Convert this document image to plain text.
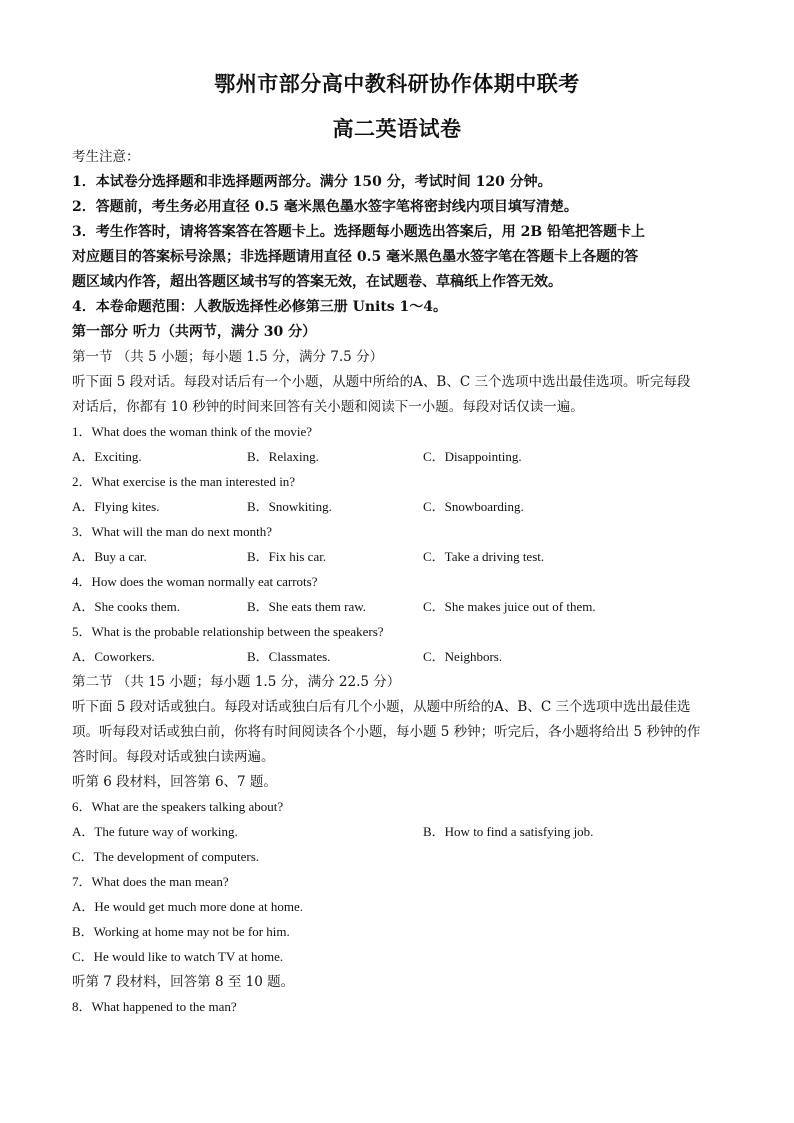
鄂州市部分高中教科研协作体期中联考
高二英语试卷
考生注意：
1．本试卷分选择题和非选择题两部分。满分 150 分，考试时间 120 分钟。
2．答题前，考生务必用直径 0.5 毫米黑色墨水签字笔将密封线内项目填写清楚。
3．考生作答时，请将答案答在答题卡上。选择题每小题选出答案后，用 2B 铅笔把答题卡上
对应题目的答案标号涂黑；非选择题请用直径 0.5 毫米黑色墨水签字笔在答题卡上各题的答
题区域内作答，超出答题区域书写的答案无效，在试题卷、草稿纸上作答无效。
4．本卷命题范围：人教版选择性必修第三册 Units 1～4。
第一部分 听力（共两节，满分 30 分）
第一节 （共 5 小题；每小题 1.5 分，满分 7.5 分）
听下面 5 段对话。每段对话后有一个小题，从题中所给的A、B、C 三个选项中选出最佳选项。听完每段
对话后，你都有 10 秒钟的时间来回答有关小题和阅读下一小题。每段对话仅读一遍。
1．What does the woman think of the movie?
A．Exciting.	B．Relaxing.	C．Disappointing.
2．What exercise is the man interested in?
A．Flying kites.	B．Snowkiting.	C．Snowboarding.
3．What will the man do next month?
A．Buy a car.	B．Fix his car.	C．Take a driving test.
4．How does the woman normally eat carrots?
A．She cooks them.	B．She eats them raw.	C．She makes juice out of them.
5．What is the probable relationship between the speakers?
A．Coworkers.	B．Classmates.	C．Neighbors.
第二节 （共 15 小题；每小题 1.5 分，满分 22.5 分）
听下面 5 段对话或独白。每段对话或独白后有几个小题，从题中所给的A、B、C 三个选项中选出最佳选
项。听每段对话或独白前，你将有时间阅读各个小题，每小题 5 秒钟；听完后，各小题将给出 5 秒钟的作
答时间。每段对话或独白读两遍。
听第 6 段材料，回答第 6、7 题。
6．What are the speakers talking about?
A．The future way of working.	B．How to find a satisfying job.
C．The development of computers.
7．What does the man mean?
A．He would get much more done at home.
B．Working at home may not be for him.
C．He would like to watch TV at home.
听第 7 段材料，回答第 8 至 10 题。
8．What happened to the man?
